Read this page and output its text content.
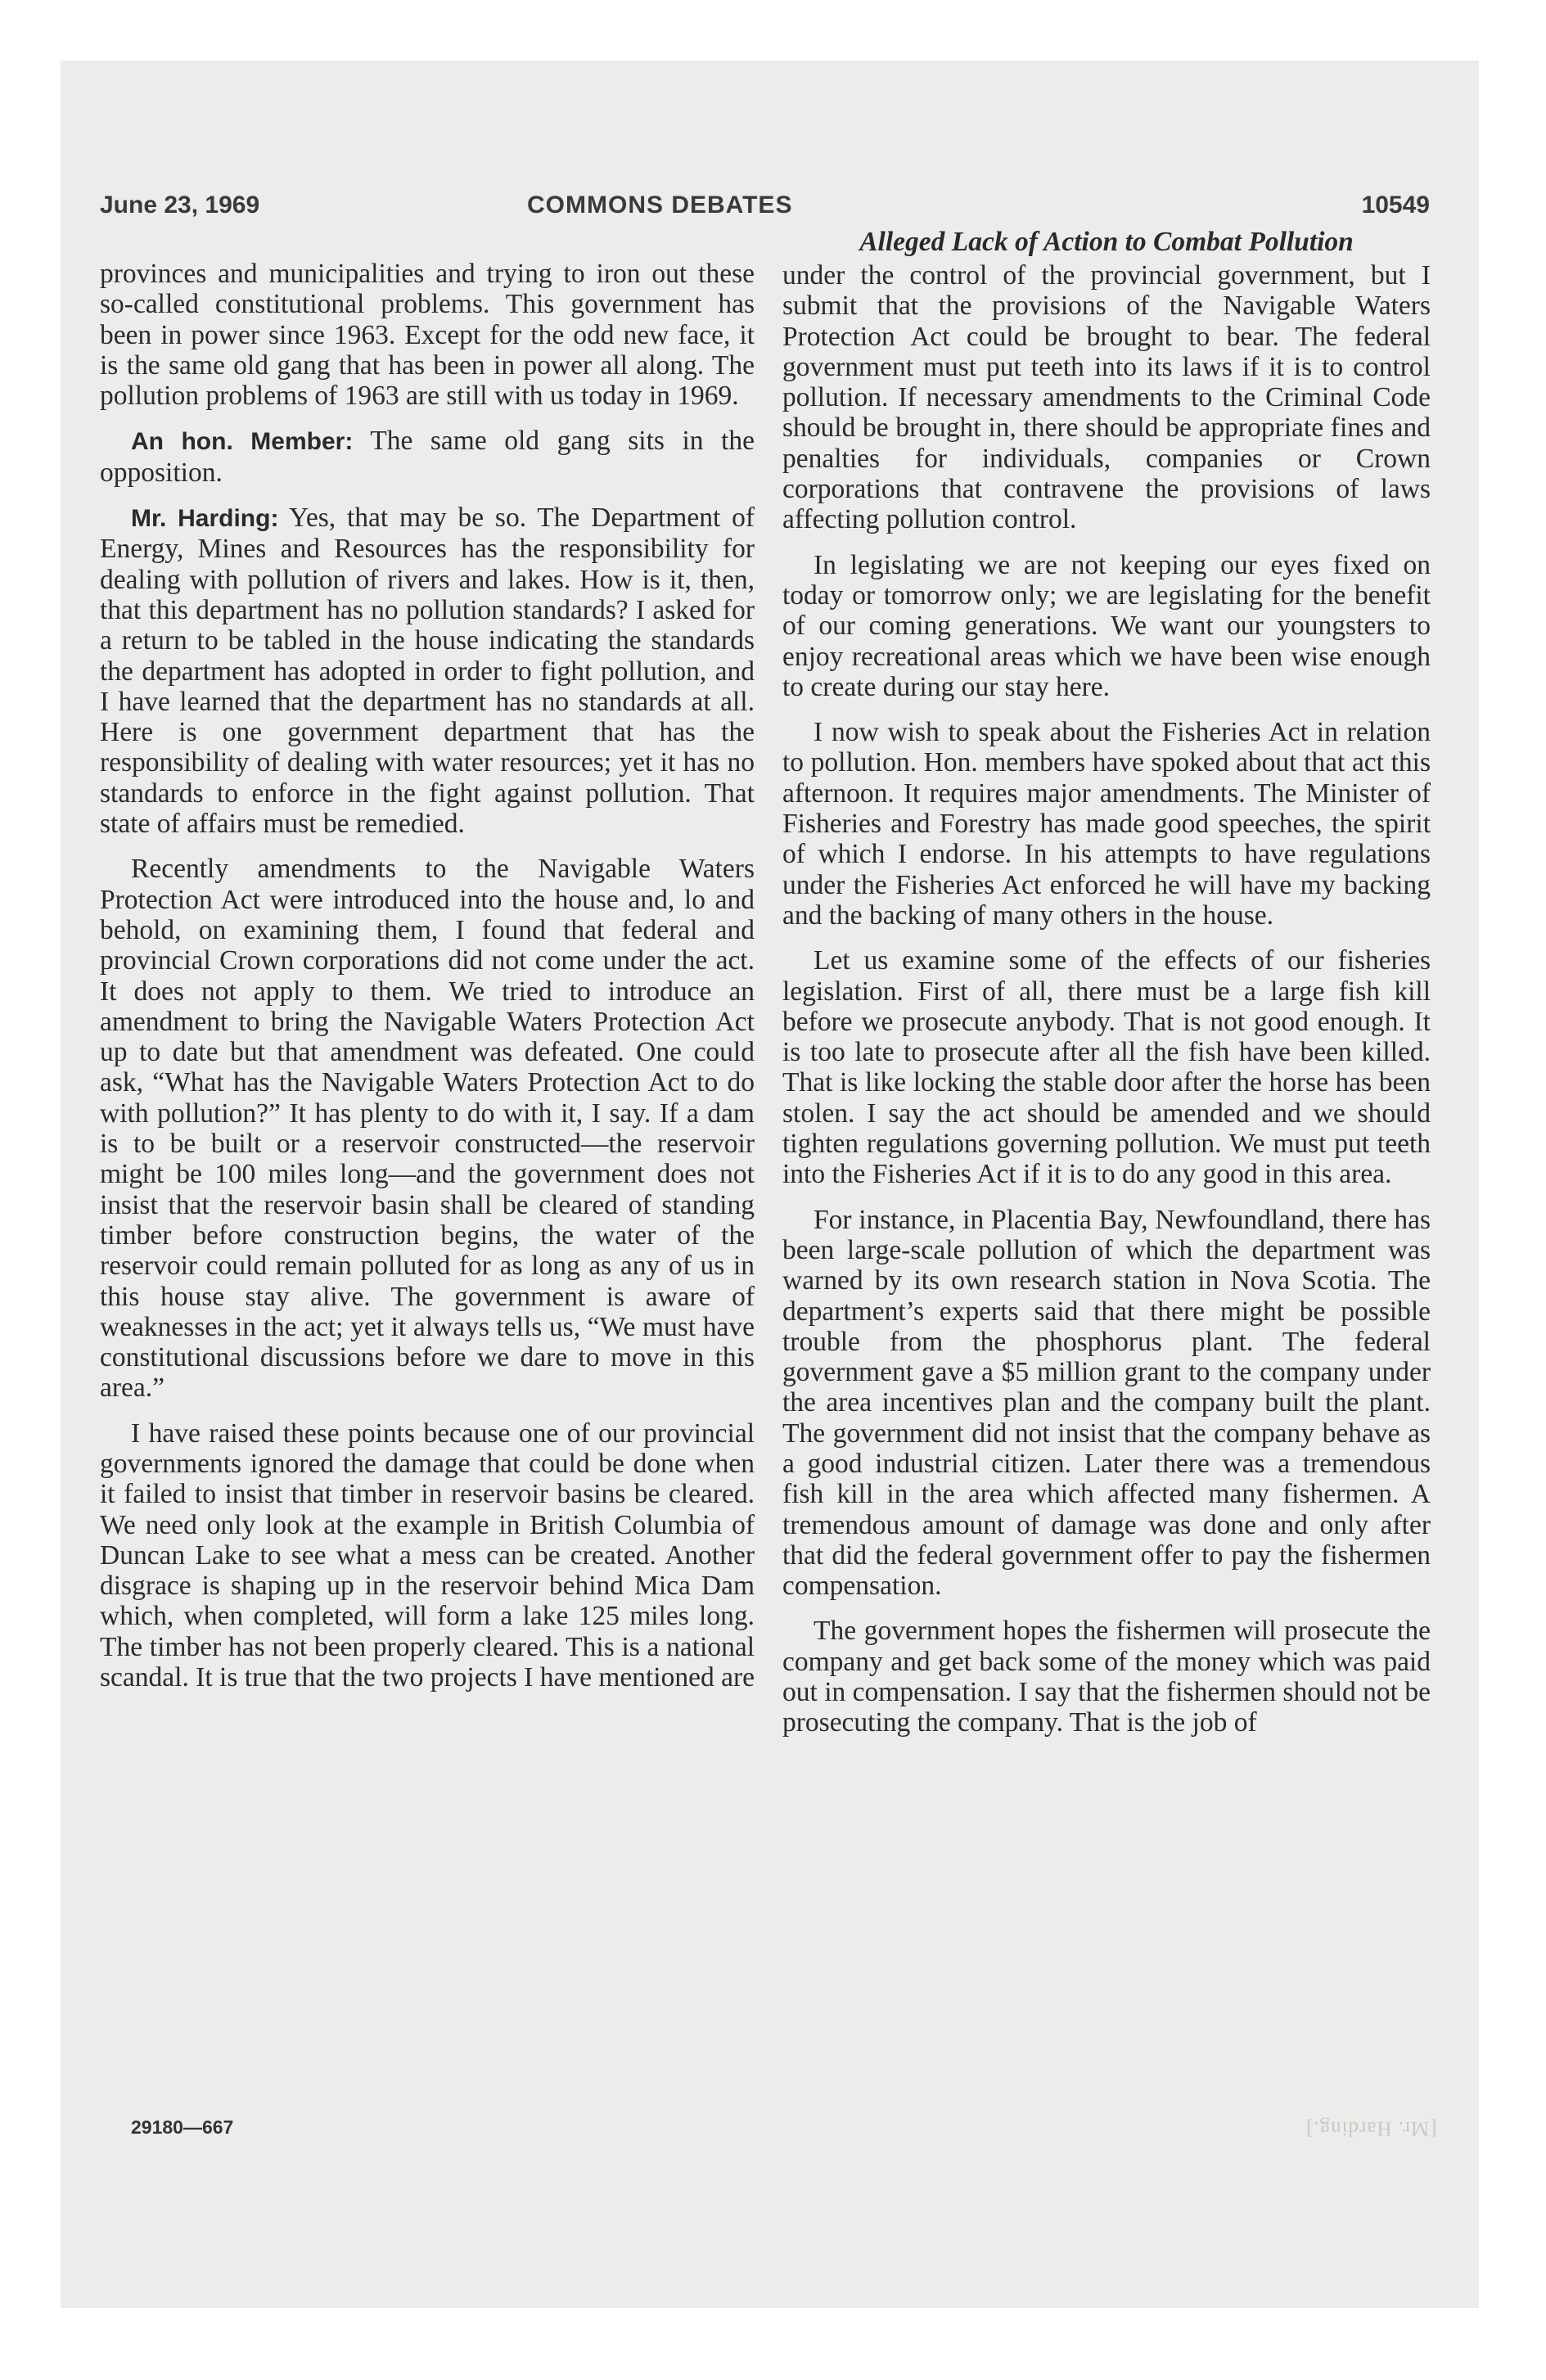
June 23, 1969	COMMONS DEBATES	10549

provinces and municipalities and trying to iron out these so-called constitutional problems. This government has been in power since 1963. Except for the odd new face, it is the same old gang that has been in power all along. The pollution problems of 1963 are still with us today in 1969.

An hon. Member: The same old gang sits in the opposition.

Mr. Harding: Yes, that may be so. The Department of Energy, Mines and Resources has the responsibility for dealing with pollution of rivers and lakes. How is it, then, that this department has no pollution standards? I asked for a return to be tabled in the house indicating the standards the department has adopted in order to fight pollution, and I have learned that the department has no standards at all. Here is one government department that has the responsibility of dealing with water resources; yet it has no standards to enforce in the fight against pollution. That state of affairs must be remedied.

Recently amendments to the Navigable Waters Protection Act were introduced into the house and, lo and behold, on examining them, I found that federal and provincial Crown corporations did not come under the act. It does not apply to them. We tried to introduce an amendment to bring the Navigable Waters Protection Act up to date but that amendment was defeated. One could ask, “What has the Navigable Waters Protection Act to do with pollution?” It has plenty to do with it, I say. If a dam is to be built or a reservoir constructed—the reservoir might be 100 miles long—and the government does not insist that the reservoir basin shall be cleared of standing timber before construction begins, the water of the reservoir could remain polluted for as long as any of us in this house stay alive. The government is aware of weaknesses in the act; yet it always tells us, “We must have constitutional discussions before we dare to move in this area.”

I have raised these points because one of our provincial governments ignored the damage that could be done when it failed to insist that timber in reservoir basins be cleared. We need only look at the example in British Columbia of Duncan Lake to see what a mess can be created. Another disgrace is shaping up in the reservoir behind Mica Dam which, when completed, will form a lake 125 miles long. The timber has not been properly cleared. This is a national scandal. It is true that the two projects I have mentioned are

Alleged Lack of Action to Combat Pollution

under the control of the provincial government, but I submit that the provisions of the Navigable Waters Protection Act could be brought to bear. The federal government must put teeth into its laws if it is to control pollution. If necessary amendments to the Criminal Code should be brought in, there should be appropriate fines and penalties for individuals, companies or Crown corporations that contravene the provisions of laws affecting pollution control.

In legislating we are not keeping our eyes fixed on today or tomorrow only; we are legislating for the benefit of our coming generations. We want our youngsters to enjoy recreational areas which we have been wise enough to create during our stay here.

I now wish to speak about the Fisheries Act in relation to pollution. Hon. members have spoked about that act this afternoon. It requires major amendments. The Minister of Fisheries and Forestry has made good speeches, the spirit of which I endorse. In his attempts to have regulations under the Fisheries Act enforced he will have my backing and the backing of many others in the house.

Let us examine some of the effects of our fisheries legislation. First of all, there must be a large fish kill before we prosecute anybody. That is not good enough. It is too late to prosecute after all the fish have been killed. That is like locking the stable door after the horse has been stolen. I say the act should be amended and we should tighten regulations governing pollution. We must put teeth into the Fisheries Act if it is to do any good in this area.

For instance, in Placentia Bay, Newfoundland, there has been large-scale pollution of which the department was warned by its own research station in Nova Scotia. The department’s experts said that there might be possible trouble from the phosphorus plant. The federal government gave a $5 million grant to the company under the area incentives plan and the company built the plant. The government did not insist that the company behave as a good industrial citizen. Later there was a tremendous fish kill in the area which affected many fishermen. A tremendous amount of damage was done and only after that did the federal government offer to pay the fishermen compensation.

The government hopes the fishermen will prosecute the company and get back some of the money which was paid out in compensation. I say that the fishermen should not be prosecuting the company. That is the job of

29180—667	[Mr. Harding.]
